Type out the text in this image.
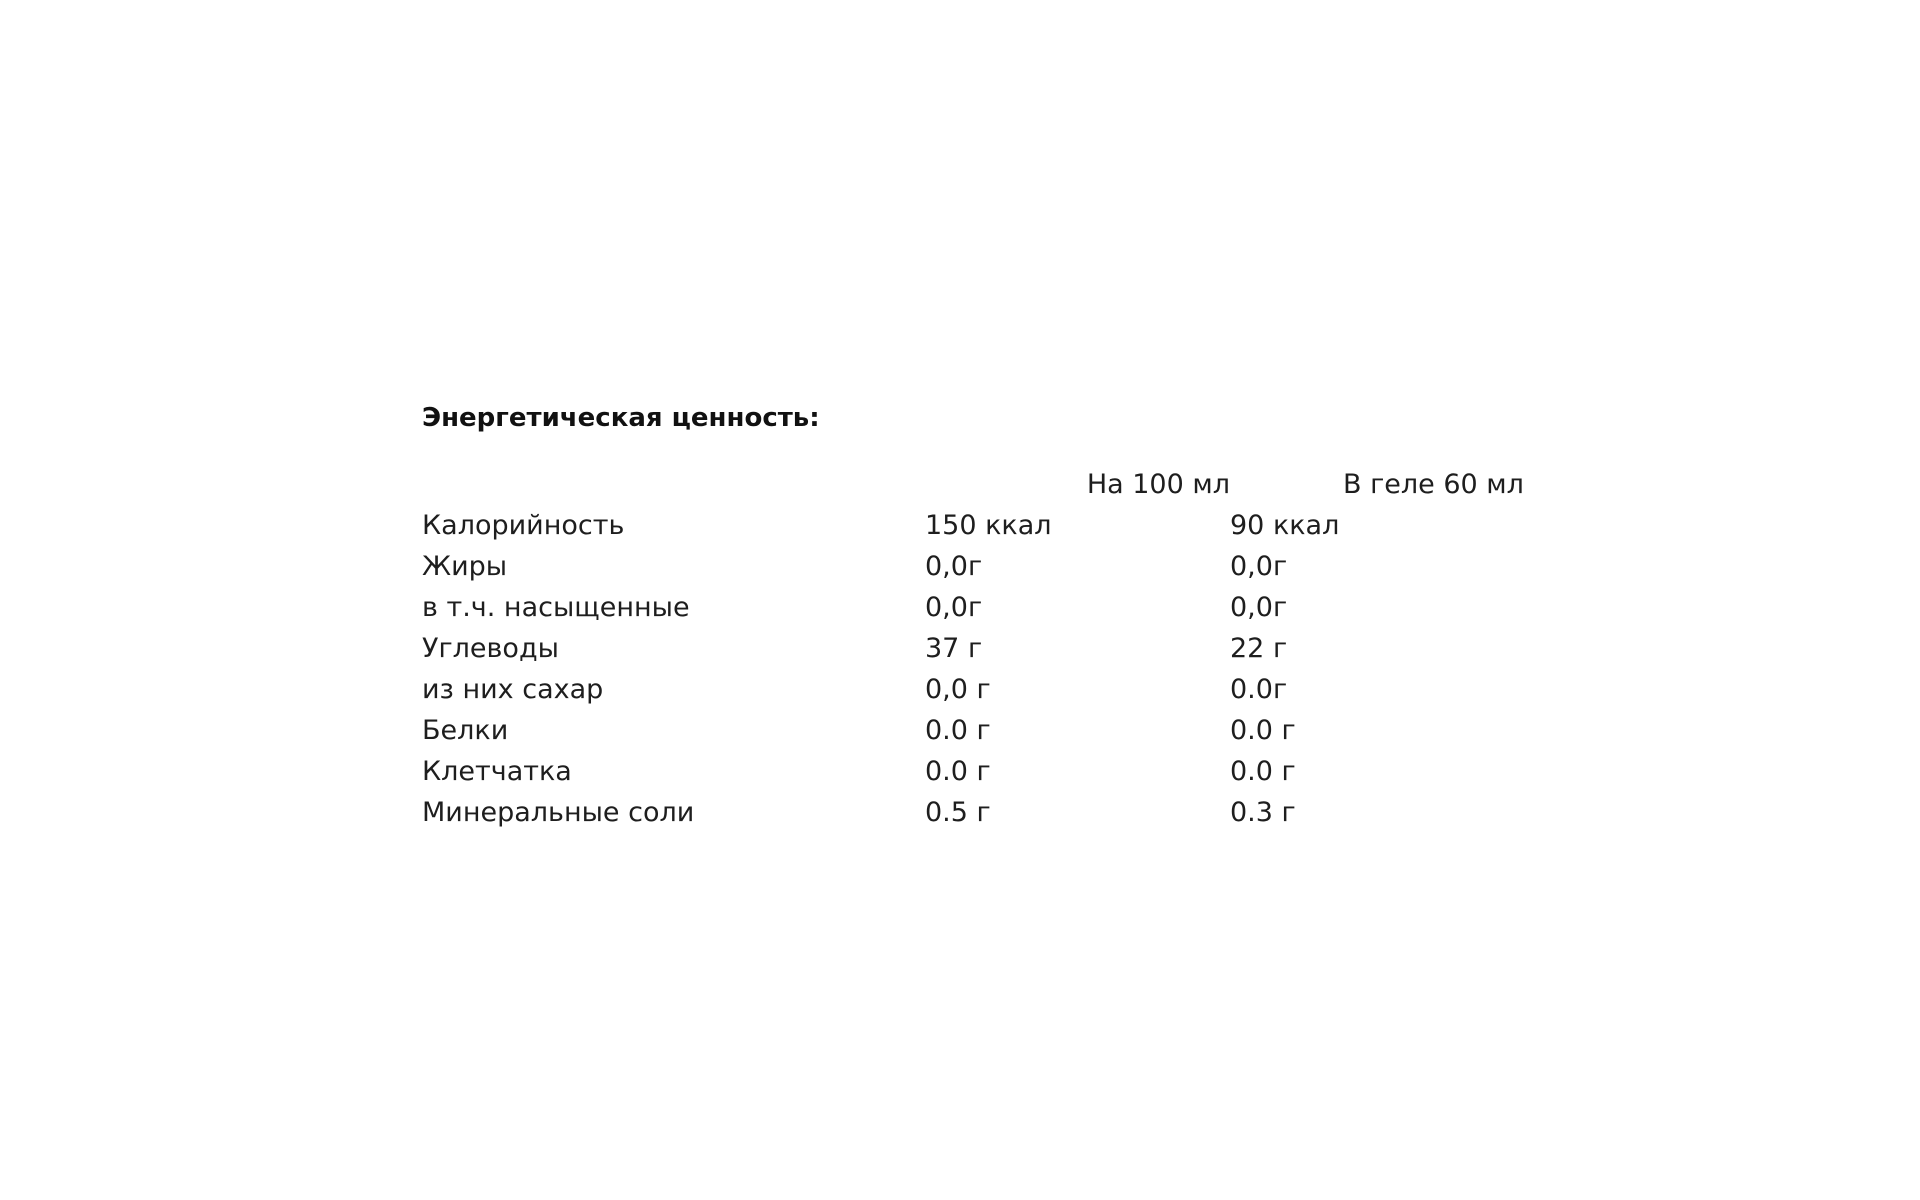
Энергетическая ценность:
	На 100 мл	В геле 60 мл
Калорийность	150 ккал	90 ккал
Жиры	0,0г	0,0г
в т.ч. насыщенные	0,0г	0,0г
Углеводы	37 г	22 г
из них сахар	0,0 г	0.0г
Белки	0.0 г	0.0 г
Клетчатка	0.0 г	0.0 г
Минеральные соли	0.5 г	0.3 г
